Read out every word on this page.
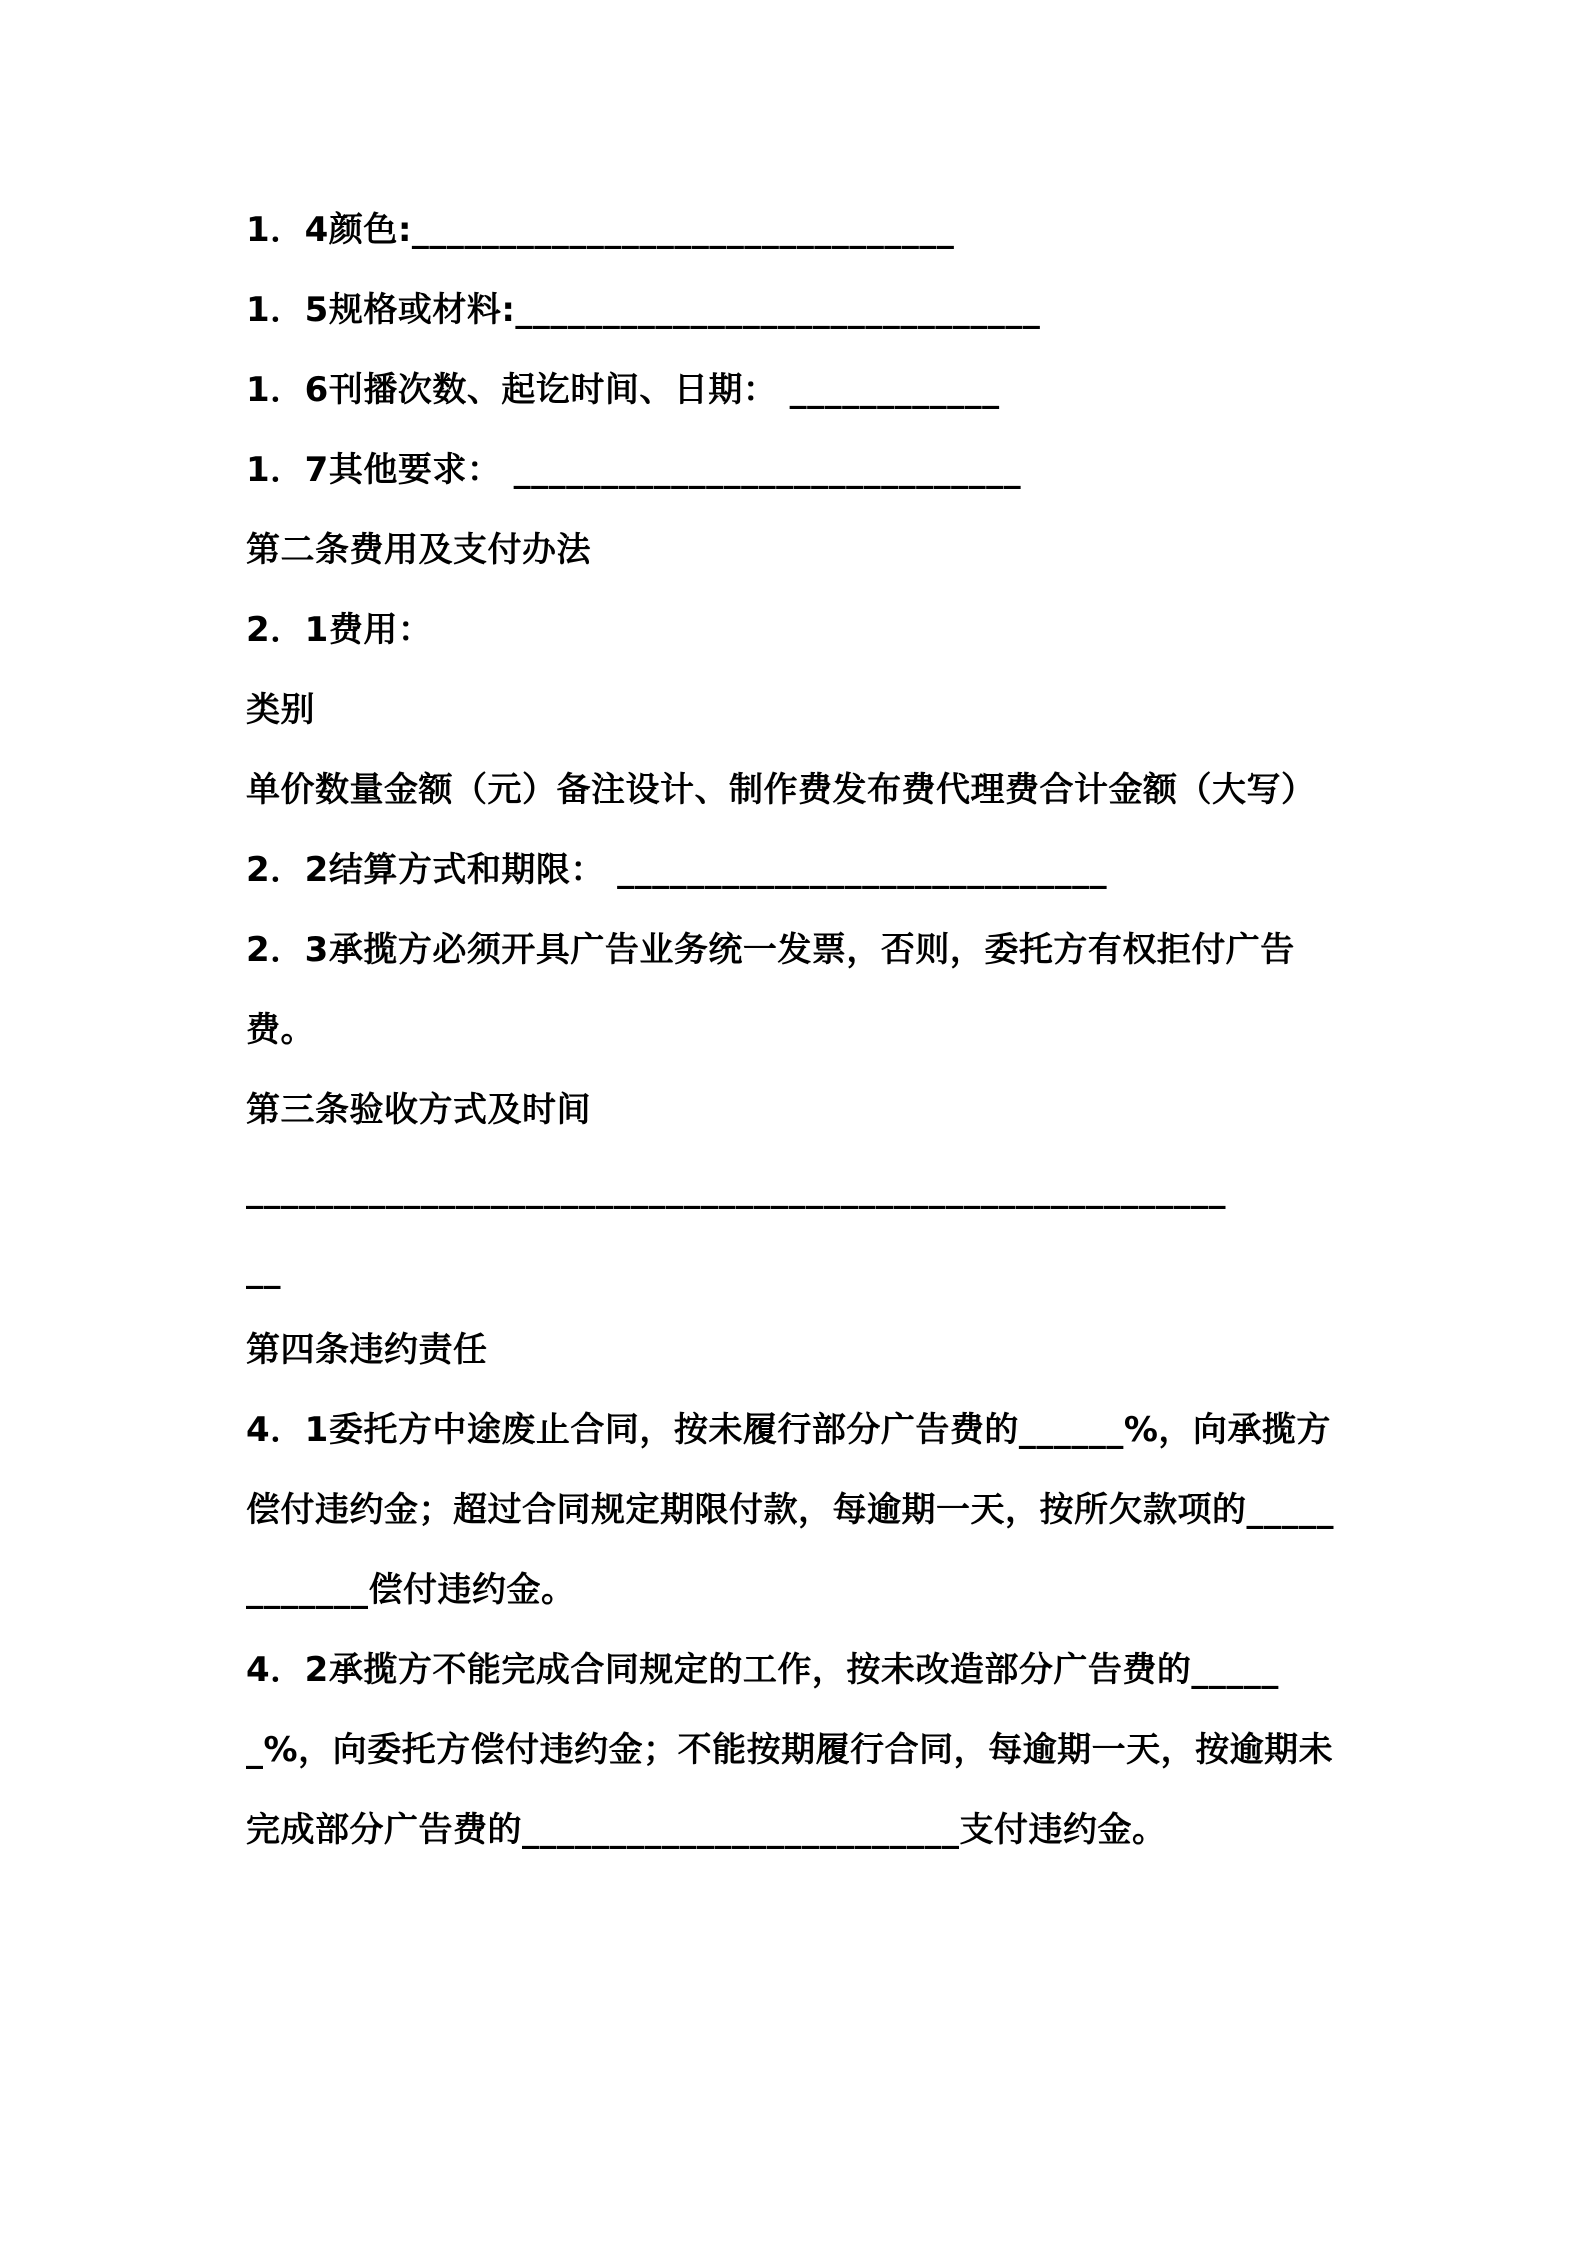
1．4颜色:_______________________________

1．5规格或材料:______________________________

1．6刊播次数、起讫时间、日期： ____________

1．7其他要求： _____________________________

第二条费用及支付办法

2．1费用：

类别

单价数量金额（元）备注设计、制作费发布费代理费合计金额（大写）

2．2结算方式和期限： ____________________________

2．3承揽方必须开具广告业务统一发票，否则，委托方有权拒付广告费。

第三条验收方式及时间

________________________________________________________

__

第四条违约责任

4．1委托方中途废止合同，按未履行部分广告费的______%，向承揽方偿付违约金；超过合同规定期限付款，每逾期一天，按所欠款项的____________偿付违约金。

4．2承揽方不能完成合同规定的工作，按未改造部分广告费的______%，向委托方偿付违约金；不能按期履行合同，每逾期一天，按逾期未完成部分广告费的_________________________支付违约金。
